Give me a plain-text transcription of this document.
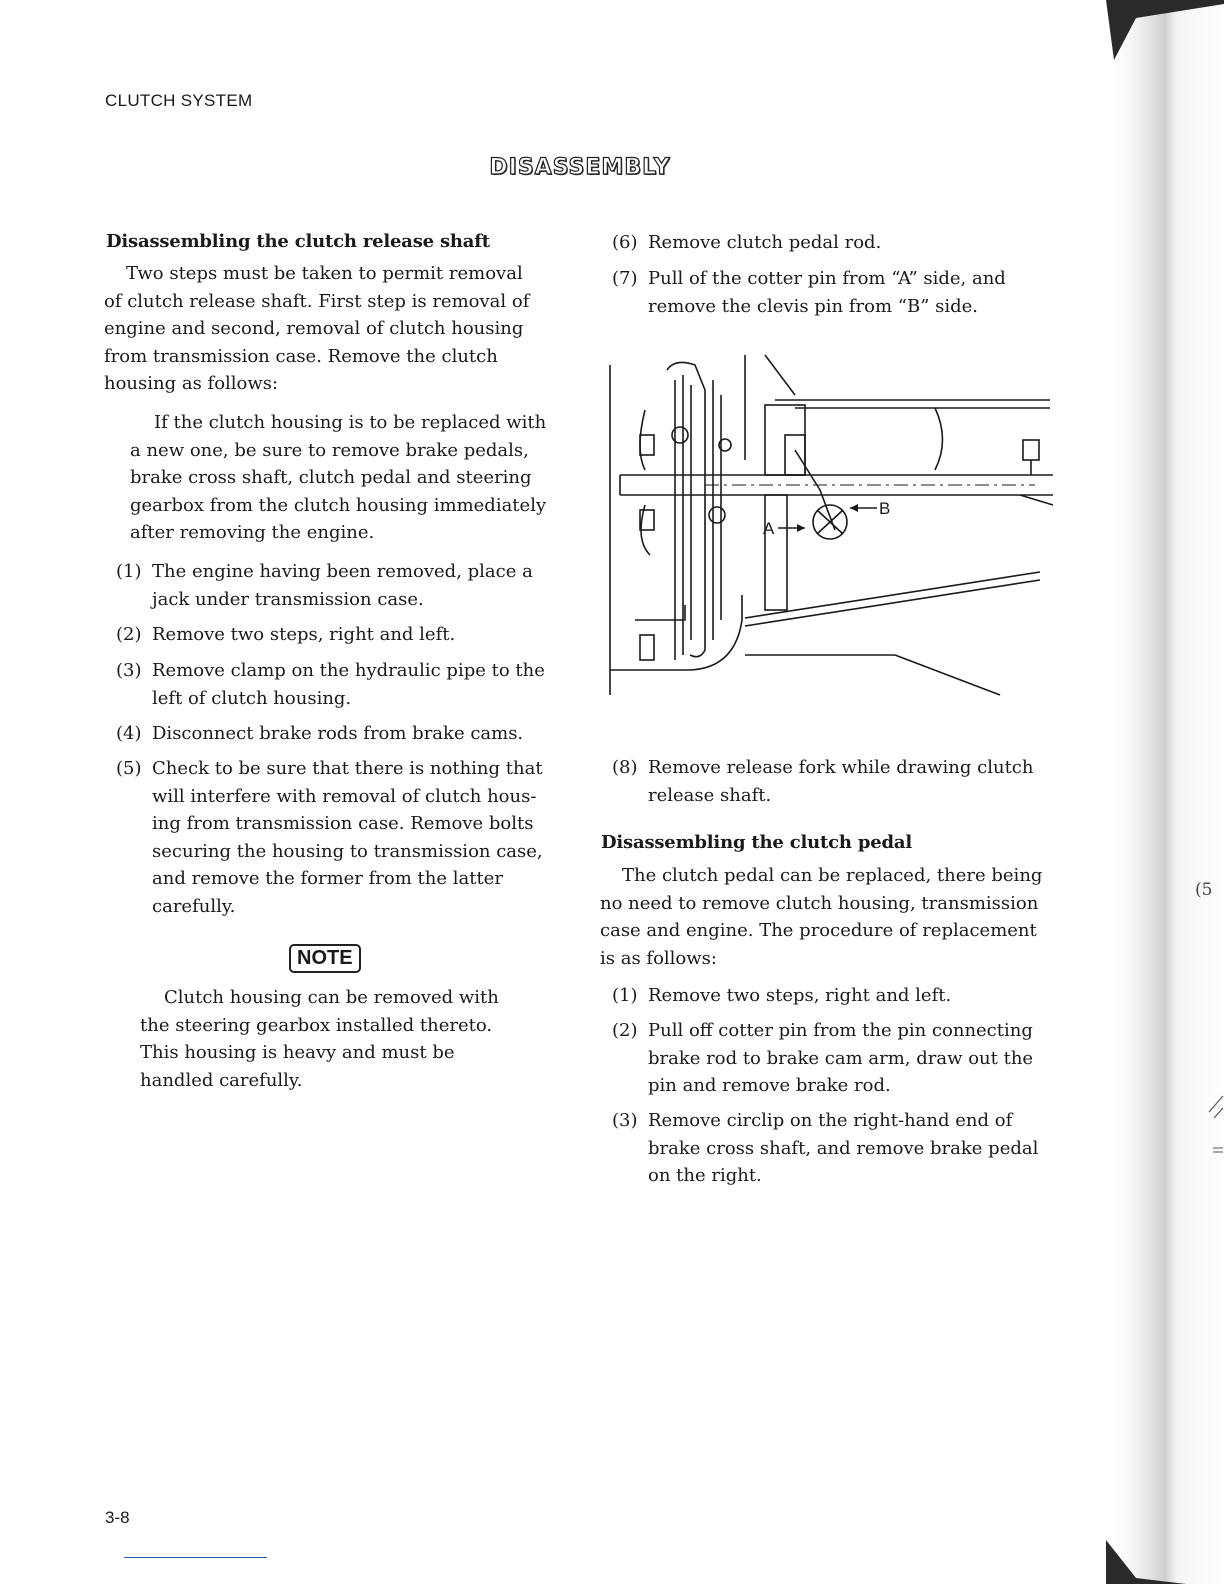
CLUTCH SYSTEM
DISASSEMBLY
Disassembling the clutch release shaft
Two steps must be taken to permit removal
of clutch release shaft. First step is removal of
engine and second, removal of clutch housing
from transmission case. Remove the clutch
housing as follows:
If the clutch housing is to be replaced with
a new one, be sure to remove brake pedals,
brake cross shaft, clutch pedal and steering
gearbox from the clutch housing immediately
after removing the engine.
(1) The engine having been removed, place a
jack under transmission case.
(2) Remove two steps, right and left.
(3) Remove clamp on the hydraulic pipe to the
left of clutch housing.
(4) Disconnect brake rods from brake cams.
(5) Check to be sure that there is nothing that
will interfere with removal of clutch hous-
ing from transmission case. Remove bolts
securing the housing to transmission case,
and remove the former from the latter
carefully.
NOTE
Clutch housing can be removed with
the steering gearbox installed thereto.
This housing is heavy and must be
handled carefully.
(6) Remove clutch pedal rod.
(7) Pull of the cotter pin from “A” side, and
remove the clevis pin from “B” side.
B
A
(8) Remove release fork while drawing clutch
release shaft.
Disassembling the clutch pedal
The clutch pedal can be replaced, there being
no need to remove clutch housing, transmission
case and engine. The procedure of replacement
is as follows:
(1) Remove two steps, right and left.
(2) Pull off cotter pin from the pin connecting
brake rod to brake cam arm, draw out the
pin and remove brake rod.
(3) Remove circlip on the right-hand end of
brake cross shaft, and remove brake pedal
on the right.
(5
3-8
